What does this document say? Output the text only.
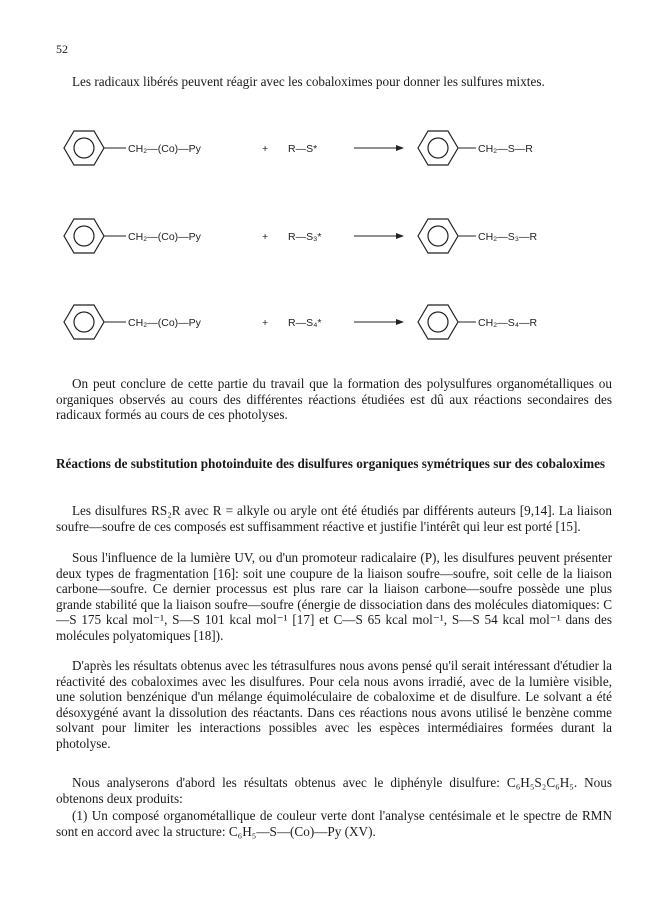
52

Les radicaux libérés peuvent réagir avec les cobaloximes pour donner les sulfures mixtes.

CH₂—(Co)—Py	+ R—S*	CH₂—S—R
CH₂—(Co)—Py	+ R—S₃*	CH₂—S₃—R
CH₂—(Co)—Py	+ R—S₄*	CH₂—S₄—R

On peut conclure de cette partie du travail que la formation des polysulfures organométalliques ou organiques observés au cours des différentes réactions étudiées est dû aux réactions secondaires des radicaux formés au cours de ces photolyses.

Réactions de substitution photoinduite des disulfures organiques symétriques sur des cobaloximes

Les disulfures RS₂R avec R = alkyle ou aryle ont été étudiés par différents auteurs [9,14]. La liaison soufre—soufre de ces composés est suffisamment réactive et justifie l'intérêt qui leur est porté [15].

Sous l'influence de la lumière UV, ou d'un promoteur radicalaire (P), les disulfures peuvent présenter deux types de fragmentation [16]: soit une coupure de la liaison soufre—soufre, soit celle de la liaison carbone—soufre. Ce dernier processus est plus rare car la liaison carbone—soufre possède une plus grande stabilité que la liaison soufre—soufre (énergie de dissociation dans des molécules diatomiques: C—S 175 kcal mol⁻¹, S—S 101 kcal mol⁻¹ [17] et C—S 65 kcal mol⁻¹, S—S 54 kcal mol⁻¹ dans des molécules polyatomiques [18]).

D'après les résultats obtenus avec les tétrasulfures nous avons pensé qu'il serait intéressant d'étudier la réactivité des cobaloximes avec les disulfures. Pour cela nous avons irradié, avec de la lumière visible, une solution benzénique d'un mélange équimoléculaire de cobaloxime et de disulfure. Le solvant a été désoxygéné avant la dissolution des réactants. Dans ces réactions nous avons utilisé le benzène comme solvant pour limiter les interactions possibles avec les espèces intermédiaires formées durant la photolyse.

Nous analyserons d'abord les résultats obtenus avec le diphényle disulfure: C₆H₅S₂C₆H₅. Nous obtenons deux produits:

(1) Un composé organométallique de couleur verte dont l'analyse centésimale et le spectre de RMN sont en accord avec la structure: C₆H₅—S—(Co)—Py (XV).
